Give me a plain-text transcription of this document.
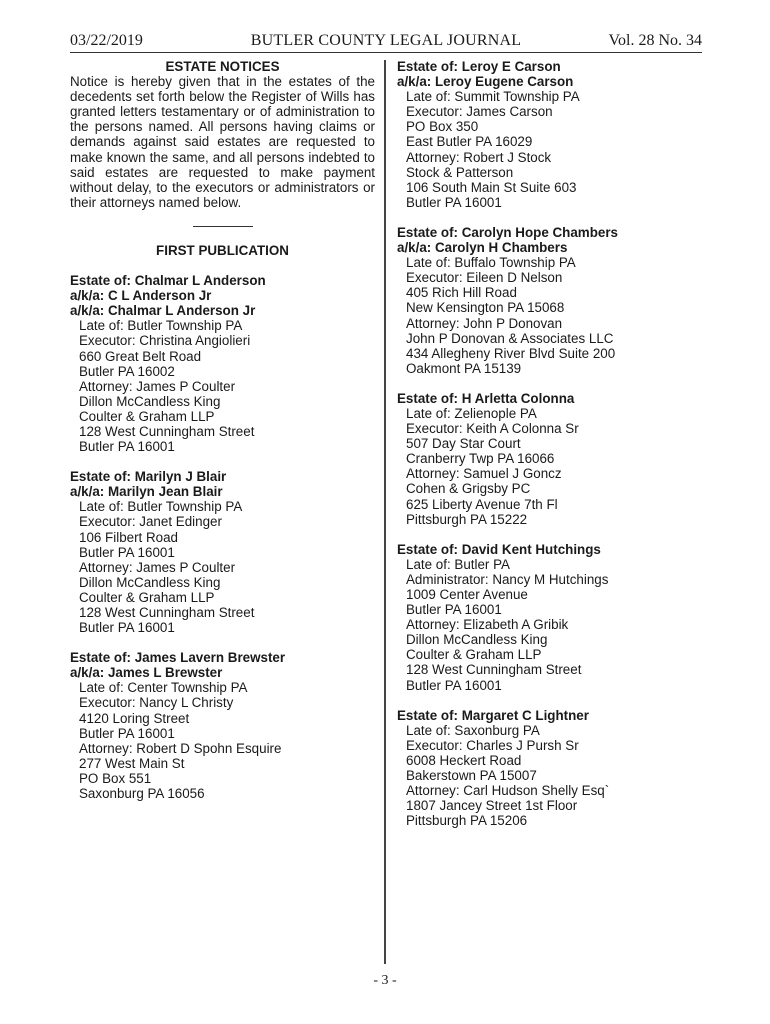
03/22/2019	BUTLER COUNTY LEGAL JOURNAL	Vol. 28 No. 34
ESTATE NOTICES
Notice is hereby given that in the estates of the decedents set forth below the Register of Wills has granted letters testamentary or of administration to the persons named. All persons having claims or demands against said estates are requested to make known the same, and all persons indebted to said estates are requested to make payment without delay, to the executors or administrators or their attorneys named below.
FIRST PUBLICATION
Estate of: Chalmar L Anderson
a/k/a: C L Anderson Jr
a/k/a: Chalmar L Anderson Jr
Late of: Butler Township PA
Executor: Christina Angiolieri
660 Great Belt Road
Butler PA 16002
Attorney: James P Coulter
Dillon McCandless King
Coulter & Graham LLP
128 West Cunningham Street
Butler PA 16001
Estate of: Marilyn J Blair
a/k/a: Marilyn Jean Blair
Late of: Butler Township PA
Executor: Janet Edinger
106 Filbert Road
Butler PA 16001
Attorney: James P Coulter
Dillon McCandless King
Coulter & Graham LLP
128 West Cunningham Street
Butler PA 16001
Estate of: James Lavern Brewster
a/k/a: James L Brewster
Late of: Center Township PA
Executor: Nancy L Christy
4120 Loring Street
Butler PA 16001
Attorney: Robert D Spohn Esquire
277 West Main St
PO Box 551
Saxonburg PA 16056
Estate of: Leroy E Carson
a/k/a: Leroy Eugene Carson
Late of: Summit Township PA
Executor: James Carson
PO Box 350
East Butler PA 16029
Attorney: Robert J Stock
Stock & Patterson
106 South Main St Suite 603
Butler PA 16001
Estate of: Carolyn Hope Chambers
a/k/a: Carolyn H Chambers
Late of: Buffalo Township PA
Executor: Eileen D Nelson
405 Rich Hill Road
New Kensington PA 15068
Attorney: John P Donovan
John P Donovan & Associates LLC
434 Allegheny River Blvd Suite 200
Oakmont PA 15139
Estate of: H Arletta Colonna
Late of: Zelienople PA
Executor: Keith A Colonna Sr
507 Day Star Court
Cranberry Twp PA 16066
Attorney: Samuel J Goncz
Cohen & Grigsby PC
625 Liberty Avenue 7th Fl
Pittsburgh PA 15222
Estate of: David Kent Hutchings
Late of: Butler PA
Administrator: Nancy M Hutchings
1009 Center Avenue
Butler PA 16001
Attorney: Elizabeth A Gribik
Dillon McCandless King
Coulter & Graham LLP
128 West Cunningham Street
Butler PA 16001
Estate of: Margaret C Lightner
Late of: Saxonburg PA
Executor: Charles J Pursh Sr
6008 Heckert Road
Bakerstown PA 15007
Attorney: Carl Hudson Shelly Esq`
1807 Jancey Street 1st Floor
Pittsburgh PA 15206
- 3 -
